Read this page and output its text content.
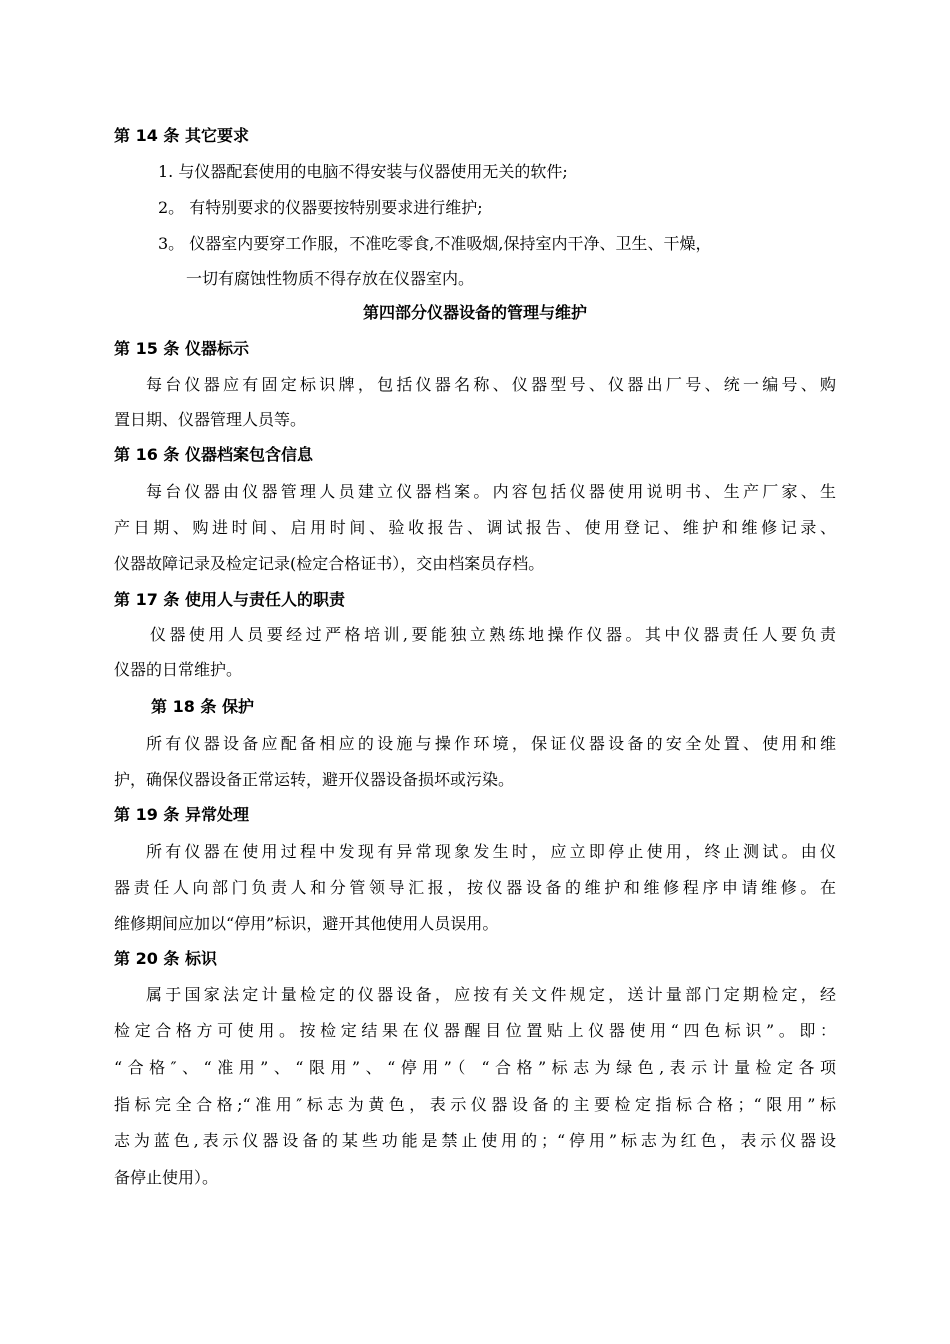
第 14 条 其它要求
1. 与仪器配套使用的电脑不得安装与仪器使用无关的软件;
2。 有特别要求的仪器要按特别要求进行维护;
3。 仪器室内要穿工作服，不准吃零食,不准吸烟,保持室内干净、卫生、干燥，
一切有腐蚀性物质不得存放在仪器室内。
第四部分仪器设备的管理与维护
第 15 条 仪器标示
每台仪器应有固定标识牌，包括仪器名称、仪器型号、仪器出厂号、统一编号、购
置日期、仪器管理人员等。
第 16 条 仪器档案包含信息
每台仪器由仪器管理人员建立仪器档案。内容包括仪器使用说明书、生产厂家、生
产日期、购进时间、启用时间、验收报告、调试报告、使用登记、维护和维修记录、
仪器故障记录及检定记录(检定合格证书），交由档案员存档。
第 17 条 使用人与责任人的职责
仪器使用人员要经过严格培训,要能独立熟练地操作仪器。其中仪器责任人要负责
仪器的日常维护。
第 18 条 保护
所有仪器设备应配备相应的设施与操作环境，保证仪器设备的安全处置、使用和维
护，确保仪器设备正常运转，避开仪器设备损坏或污染。
第 19 条 异常处理
所有仪器在使用过程中发现有异常现象发生时，应立即停止使用，终止测试。由仪
器责任人向部门负责人和分管领导汇报，按仪器设备的维护和维修程序申请维修。在
维修期间应加以“停用”标识，避开其他使用人员误用。
第 20 条 标识
属于国家法定计量检定的仪器设备，应按有关文件规定，送计量部门定期检定，经
检定合格方可使用。按检定结果在仪器醒目位置贴上仪器使用“四色标识”。即：
“合格″、“准用”、“限用”、“停用”（ “合格”标志为绿色,表示计量检定各项
指标完全合格;“准用″标志为黄色，表示仪器设备的主要检定指标合格；“限用”标
志为蓝色,表示仪器设备的某些功能是禁止使用的；“停用”标志为红色，表示仪器设
备停止使用）。
